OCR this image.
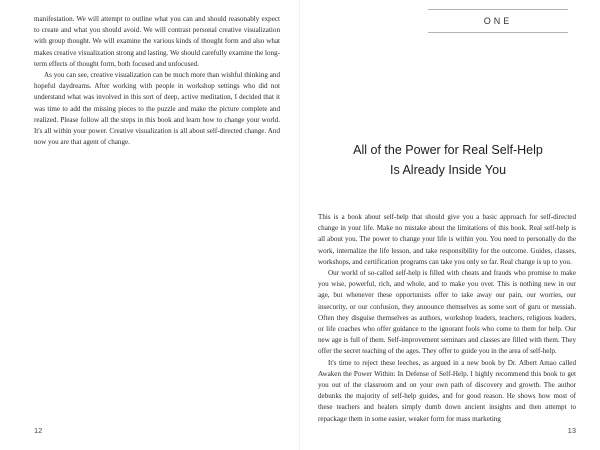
manifestation. We will attempt to outline what you can and should reasonably expect to create and what you should avoid. We will contrast personal creative visualization with group thought. We will examine the various kinds of thought form and also what makes creative visualization strong and lasting. We should carefully examine the long-term effects of thought form, both focused and unfocused.

As you can see, creative visualization can be much more than wishful thinking and hopeful daydreams. After working with people in workshop settings who did not understand what was involved in this sort of deep, active meditation, I decided that it was time to add the missing pieces to the puzzle and make the picture complete and realized. Please follow all the steps in this book and learn how to change your world. It's all within your power. Creative visualization is all about self-directed change. And now you are that agent of change.

12
ONE
All of the Power for Real Self-Help
Is Already Inside You

This is a book about self-help that should give you a basic approach for self-directed change in your life. Make no mistake about the limitations of this book. Real self-help is all about you. The power to change your life is within you. You need to personally do the work, internalize the life lesson, and take responsibility for the outcome. Guides, classes, workshops, and certification programs can take you only so far. Real change is up to you.

Our world of so-called self-help is filled with cheats and frauds who promise to make you wise, powerful, rich, and whole, and to make you over. This is nothing new in our age, but whenever these opportunists offer to take away our pain, our worries, our insecurity, or our confusion, they announce themselves as some sort of guru or messiah. Often they disguise themselves as authors, workshop leaders, teachers, religious leaders, or life coaches who offer guidance to the ignorant fools who come to them for help. Our new age is full of them. Self-improvement seminars and classes are filled with them. They offer the secret teaching of the ages. They offer to guide you in the area of self-help.

It's time to reject these leeches, as argued in a new book by Dr. Albert Amao called Awaken the Power Within: In Defense of Self-Help. I highly recommend this book to get you out of the classroom and on your own path of discovery and growth. The author debunks the majority of self-help guides, and for good reason. He shows how most of these teachers and healers simply dumb down ancient insights and then attempt to repackage them in some easier, weaker form for mass marketing

13
